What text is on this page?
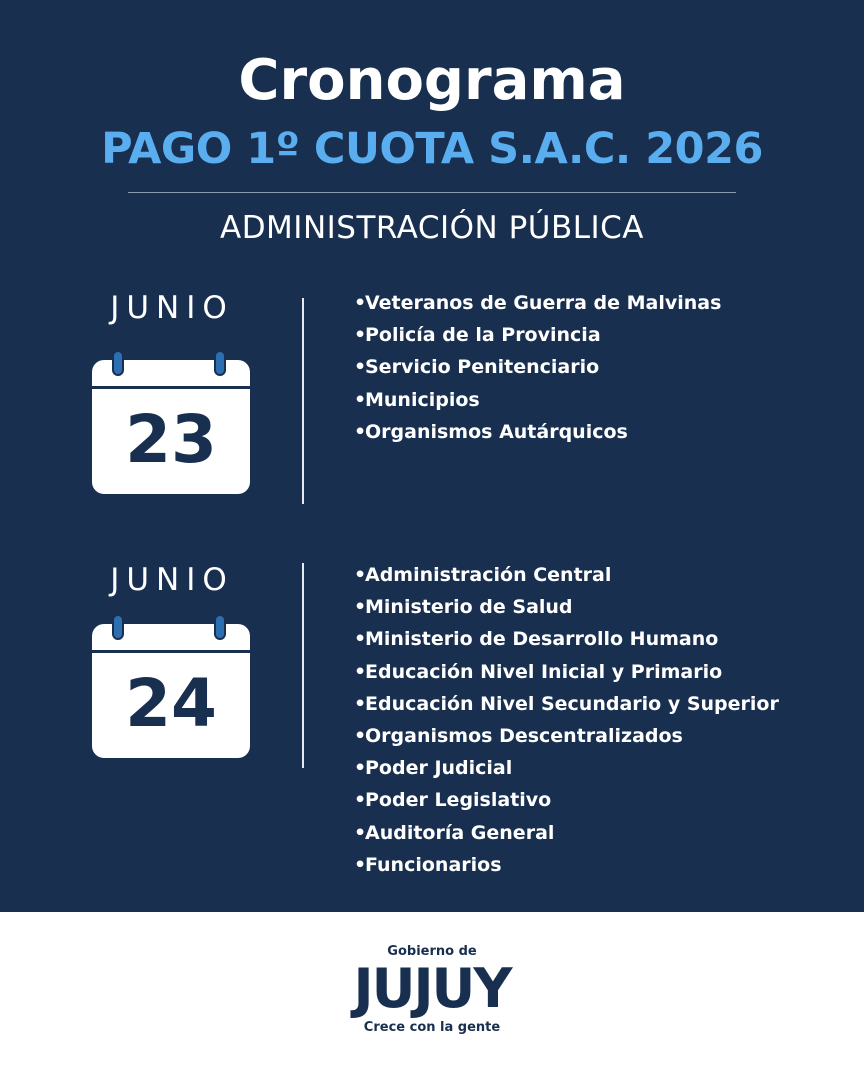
Cronograma
PAGO 1º CUOTA S.A.C. 2026
ADMINISTRACIÓN PÚBLICA
JUNIO
23
•Veteranos de Guerra de Malvinas
•Policía de la Provincia
•Servicio Penitenciario
•Municipios
•Organismos Autárquicos
JUNIO
24
•Administración Central
•Ministerio de Salud
•Ministerio de Desarrollo Humano
•Educación Nivel Inicial y Primario
•Educación Nivel Secundario y Superior
•Organismos Descentralizados
•Poder Judicial
•Poder Legislativo
•Auditoría General
•Funcionarios
Gobierno de
JUJUY
Crece con la gente
